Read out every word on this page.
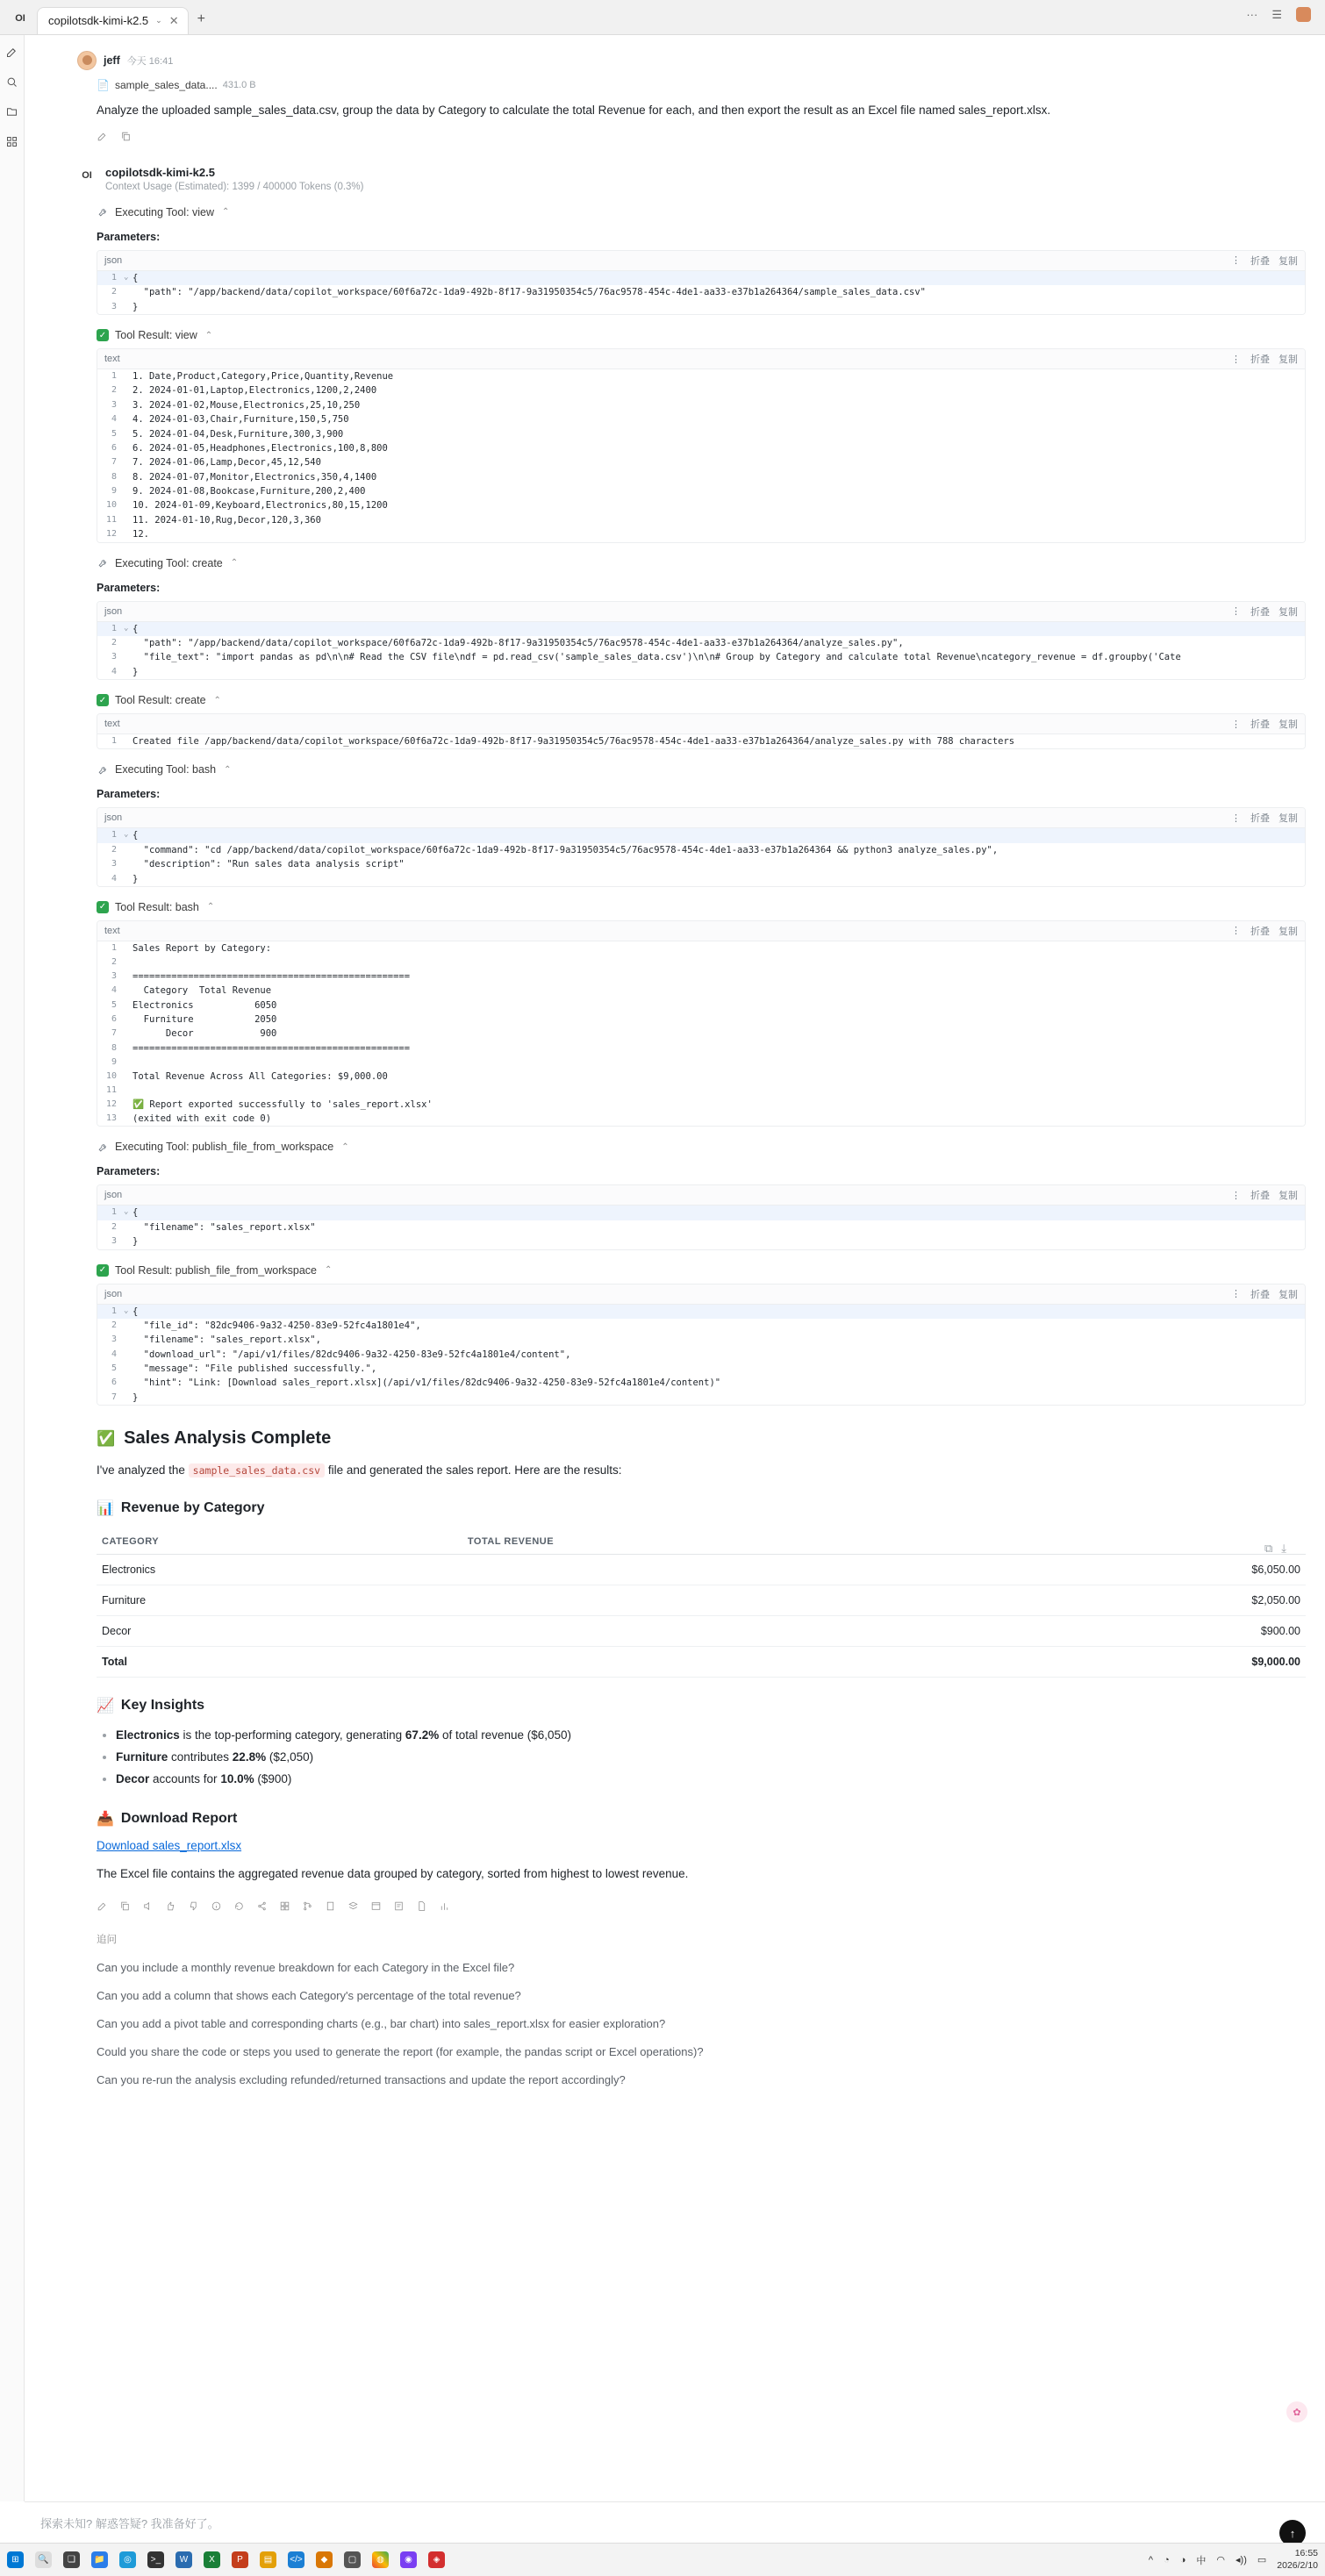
OI	copilotsdk-kimi-k2.5 ⌄ ✕ +	··· ☰
jeff 今天 16:41
📄 sample_sales_data.... 431.0 B
Analyze the uploaded sample_sales_data.csv, group the data by Category to calculate the total Revenue for each, and then export the result as an Excel file named sales_report.xlsx.
OI	copilotsdk-kimi-k2.5
Context Usage (Estimated): 1399 / 400000 Tokens (0.3%)
Executing Tool: view ⌃
Parameters:
json	⋮ 折叠 复制
1 ⌄ {
2	"path": "/app/backend/data/copilot_workspace/60f6a72c-1da9-492b-8f17-9a31950354c5/76ac9578-454c-4de1-aa33-e37b1a264364/sample_sales_data.csv"
3	}
✓ Tool Result: view ⌃
text	⋮ 折叠 复制
1	1. Date,Product,Category,Price,Quantity,Revenue
2	2. 2024-01-01,Laptop,Electronics,1200,2,2400
3	3. 2024-01-02,Mouse,Electronics,25,10,250
4	4. 2024-01-03,Chair,Furniture,150,5,750
5	5. 2024-01-04,Desk,Furniture,300,3,900
6	6. 2024-01-05,Headphones,Electronics,100,8,800
7	7. 2024-01-06,Lamp,Decor,45,12,540
8	8. 2024-01-07,Monitor,Electronics,350,4,1400
9	9. 2024-01-08,Bookcase,Furniture,200,2,400
10	10. 2024-01-09,Keyboard,Electronics,80,15,1200
11	11. 2024-01-10,Rug,Decor,120,3,360
12	12.
Executing Tool: create ⌃
Parameters:
json	⋮ 折叠 复制
1 ⌄ {
2	"path": "/app/backend/data/copilot_workspace/60f6a72c-1da9-492b-8f17-9a31950354c5/76ac9578-454c-4de1-aa33-e37b1a264364/analyze_sales.py",
3	"file_text": "import pandas as pd\n\n# Read the CSV file\ndf = pd.read_csv('sample_sales_data.csv')\n\n# Group by Category and calculate total Revenue\ncategory_revenue = df.groupby('Cate
4	}
✓ Tool Result: create ⌃
text	⋮ 折叠 复制
1	Created file /app/backend/data/copilot_workspace/60f6a72c-1da9-492b-8f17-9a31950354c5/76ac9578-454c-4de1-aa33-e37b1a264364/analyze_sales.py with 788 characters
Executing Tool: bash ⌃
Parameters:
json	⋮ 折叠 复制
1 ⌄ {
2	"command": "cd /app/backend/data/copilot_workspace/60f6a72c-1da9-492b-8f17-9a31950354c5/76ac9578-454c-4de1-aa33-e37b1a264364 && python3 analyze_sales.py",
3	"description": "Run sales data analysis script"
4	}
✓ Tool Result: bash ⌃
text	⋮ 折叠 复制
1	Sales Report by Category:
2
3	==================================================
4	Category  Total Revenue
5	Electronics           6050
6	Furniture           2050
7	Decor            900
8	==================================================
9
10	Total Revenue Across All Categories: $9,000.00
11
12	✅ Report exported successfully to 'sales_report.xlsx'
13	(exited with exit code 0)
Executing Tool: publish_file_from_workspace ⌃
Parameters:
json	⋮ 折叠 复制
1 ⌄ {
2	"filename": "sales_report.xlsx"
3	}
✓ Tool Result: publish_file_from_workspace ⌃
json	⋮ 折叠 复制
1 ⌄ {
2	"file_id": "82dc9406-9a32-4250-83e9-52fc4a1801e4",
3	"filename": "sales_report.xlsx",
4	"download_url": "/api/v1/files/82dc9406-9a32-4250-83e9-52fc4a1801e4/content",
5	"message": "File published successfully.",
6	"hint": "Link: [Download sales_report.xlsx](/api/v1/files/82dc9406-9a32-4250-83e9-52fc4a1801e4/content)"
7	}
✅ Sales Analysis Complete
I've analyzed the sample_sales_data.csv file and generated the sales report. Here are the results:
📊 Revenue by Category
⧉ ⤓
CATEGORY	TOTAL REVENUE	
Electronics		$6,050.00
Furniture		$2,050.00
Decor		$900.00
Total		$9,000.00
📈 Key Insights
• Electronics is the top-performing category, generating 67.2% of total revenue ($6,050)
• Furniture contributes 22.8% ($2,050)
• Decor accounts for 10.0% ($900)
📥 Download Report
Download sales_report.xlsx
The Excel file contains the aggregated revenue data grouped by category, sorted from highest to lowest revenue.
追问
Can you include a monthly revenue breakdown for each Category in the Excel file?
Can you add a column that shows each Category's percentage of the total revenue?
Can you add a pivot table and corresponding charts (e.g., bar chart) into sales_report.xlsx for easier exploration?
Could you share the code or steps you used to generate the report (for example, the pandas script or Excel operations)?
Can you re-run the analysis excluding refunded/returned transactions and update the report accordingly?
✿
探索未知? 解惑答疑? 我准备好了。
↑
⊞	🔍	❏	📁	◎	>_	W	X	P	▤	</>	◆	▢	◍	◉	◈	^ ◔ ◑ 中 ◠ ◂)) ▭
16:55
2026/2/10
